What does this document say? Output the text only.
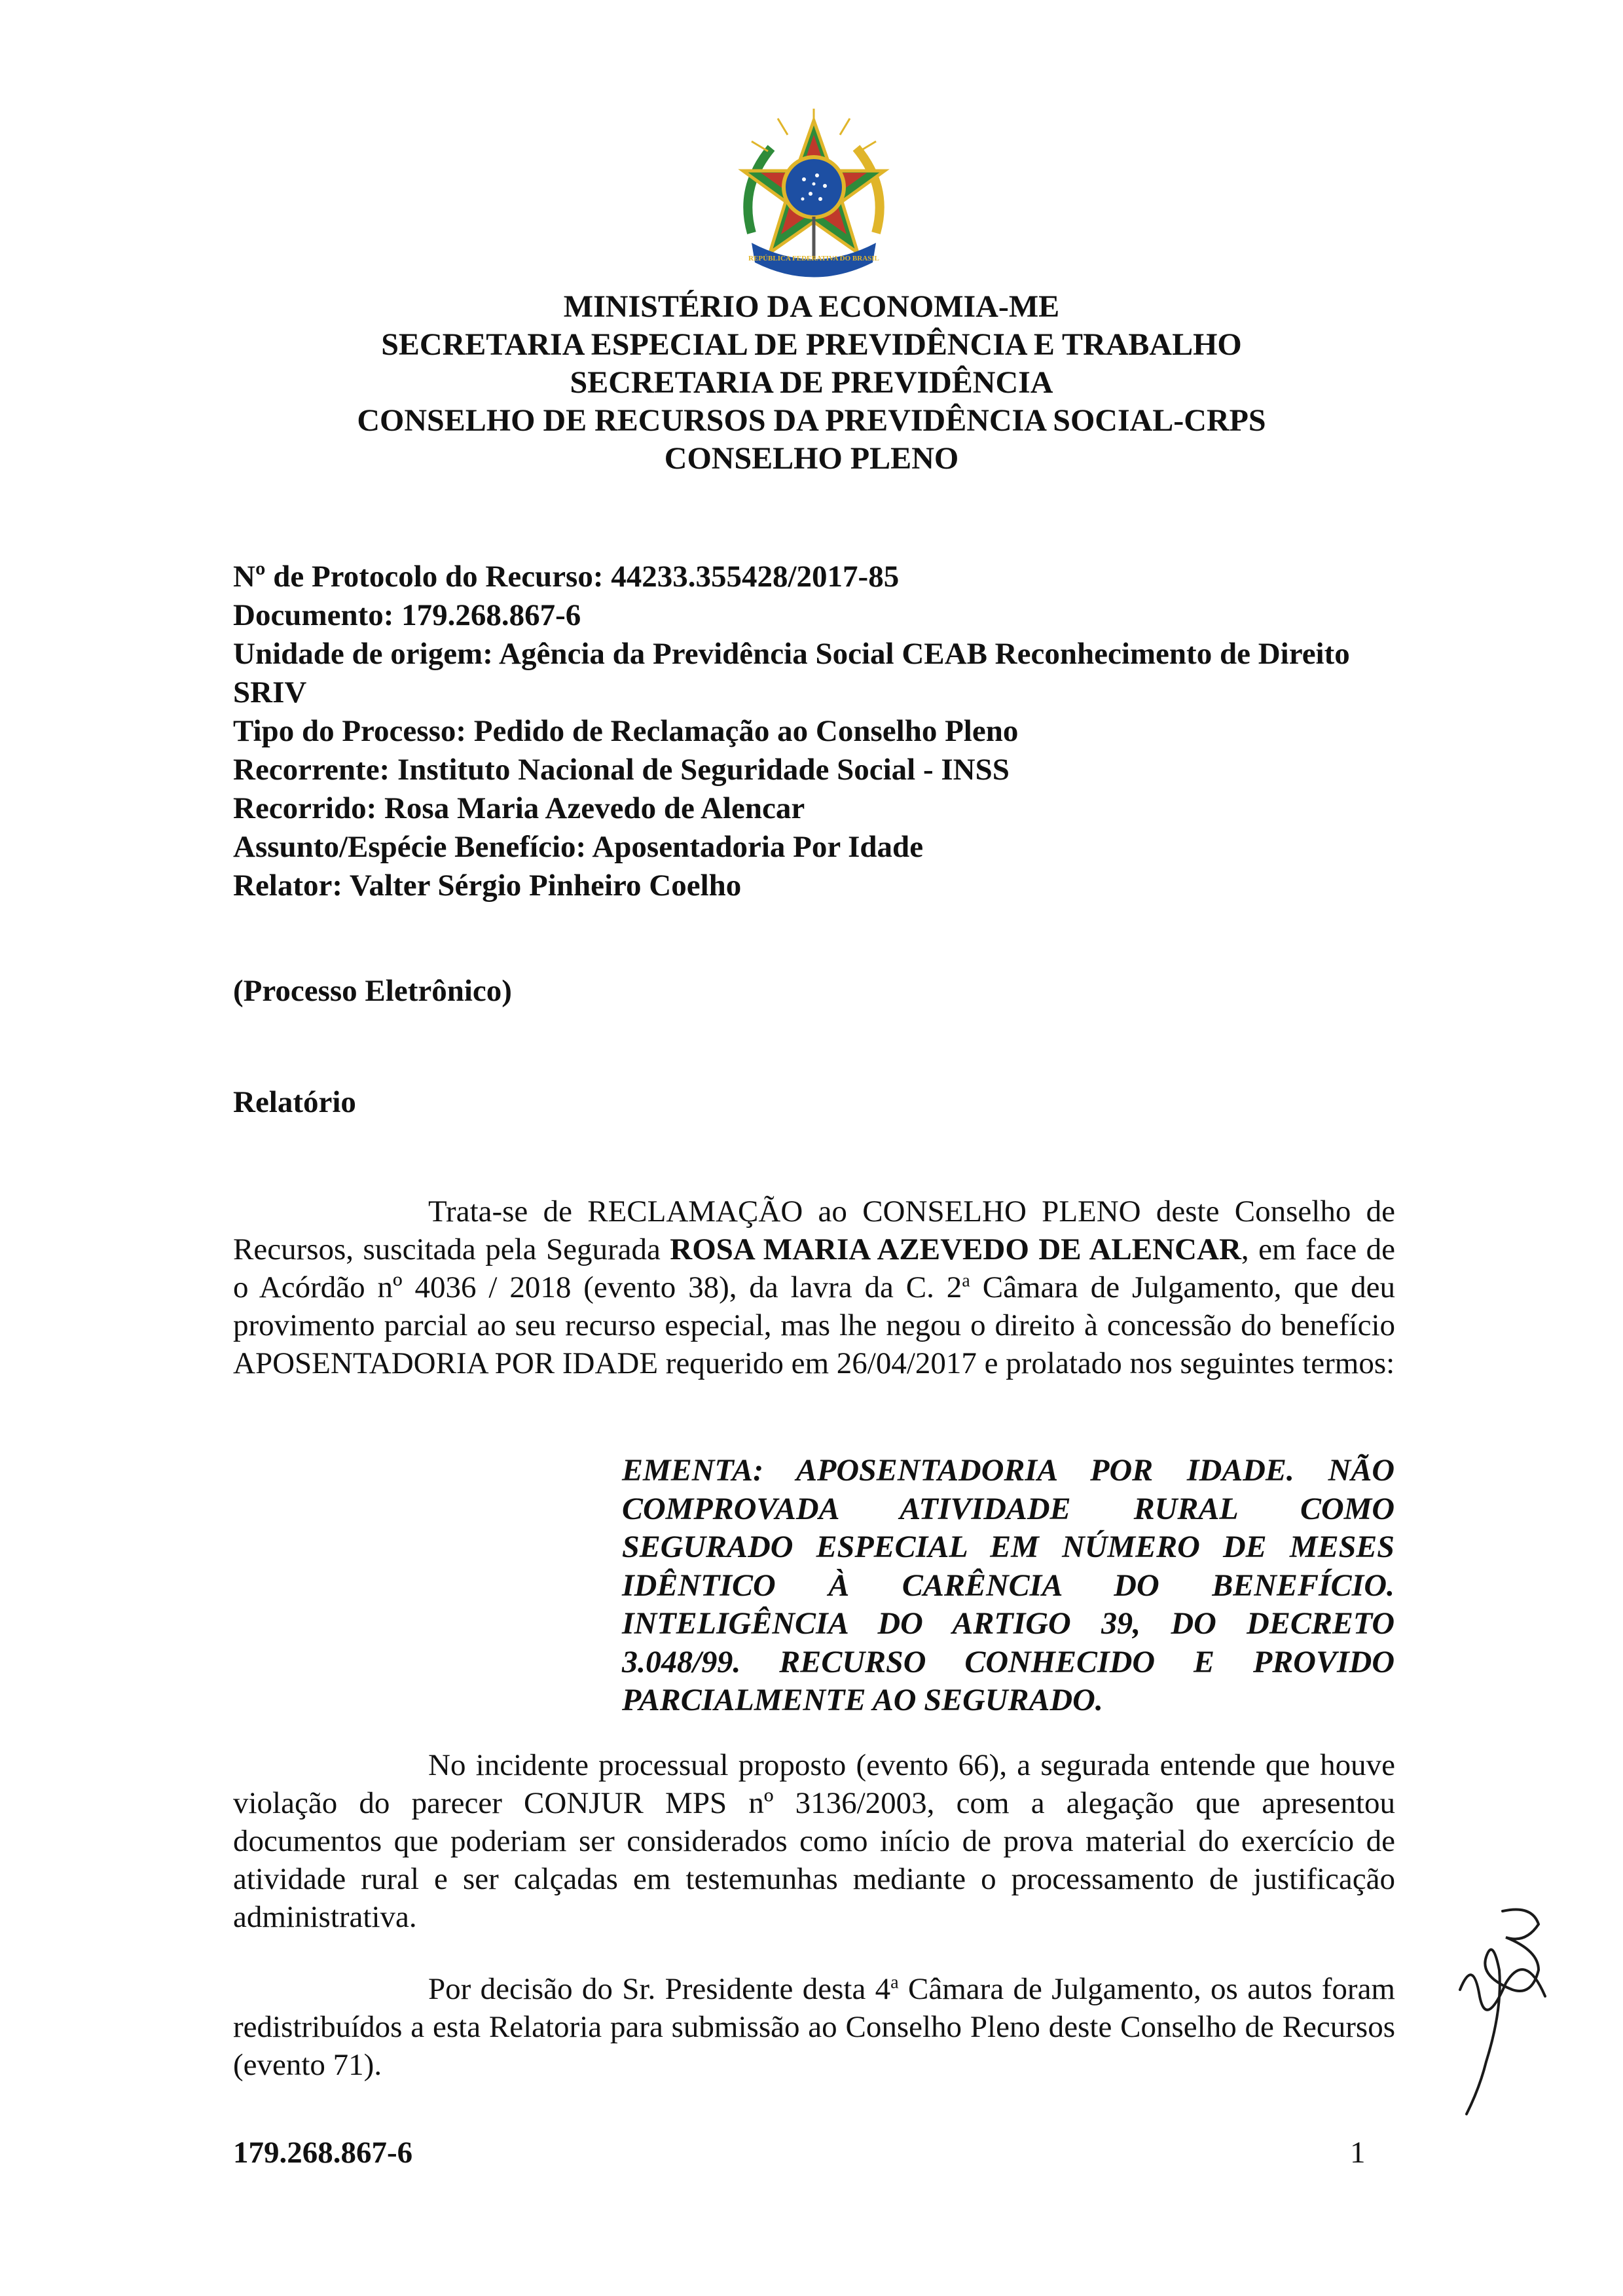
REPÚBLICA FEDERATIVA DO BRASIL
MINISTÉRIO DA ECONOMIA-ME
SECRETARIA ESPECIAL DE PREVIDÊNCIA E TRABALHO
SECRETARIA DE PREVIDÊNCIA
CONSELHO DE RECURSOS DA PREVIDÊNCIA SOCIAL-CRPS
CONSELHO PLENO
Nº de Protocolo do Recurso: 44233.355428/2017-85
Documento: 179.268.867-6
Unidade de origem: Agência da Previdência Social CEAB Reconhecimento de Direito SRIV
Tipo do Processo: Pedido de Reclamação ao Conselho Pleno
Recorrente: Instituto Nacional de Seguridade Social - INSS
Recorrido: Rosa Maria Azevedo de Alencar
Assunto/Espécie Benefício: Aposentadoria Por Idade
Relator: Valter Sérgio Pinheiro Coelho
(Processo Eletrônico)
Relatório
Trata-se de RECLAMAÇÃO ao CONSELHO PLENO deste Conselho de Recursos, suscitada pela Segurada ROSA MARIA AZEVEDO DE ALENCAR, em face de o Acórdão nº 4036 / 2018 (evento 38), da lavra da C. 2$^a$ Câmara de Julgamento, que deu provimento parcial ao seu recurso especial, mas lhe negou o direito à concessão do benefício APOSENTADORIA POR IDADE requerido em 26/04/2017 e prolatado nos seguintes termos:
EMENTA: APOSENTADORIA POR IDADE. NÃO COMPROVADA ATIVIDADE RURAL COMO SEGURADO ESPECIAL EM NÚMERO DE MESES IDÊNTICO À CARÊNCIA DO BENEFÍCIO. INTELIGÊNCIA DO ARTIGO 39, DO DECRETO 3.048/99. RECURSO CONHECIDO E PROVIDO PARCIALMENTE AO SEGURADO.
No incidente processual proposto (evento 66), a segurada entende que houve violação do parecer CONJUR MPS nº 3136/2003, com a alegação que apresentou documentos que poderiam ser considerados como início de prova material do exercício de atividade rural e ser calçadas em testemunhas mediante o processamento de justificação administrativa.
Por decisão do Sr. Presidente desta 4$^a$ Câmara de Julgamento, os autos foram redistribuídos a esta Relatoria para submissão ao Conselho Pleno deste Conselho de Recursos (evento 71).
179.268.867-6	1
